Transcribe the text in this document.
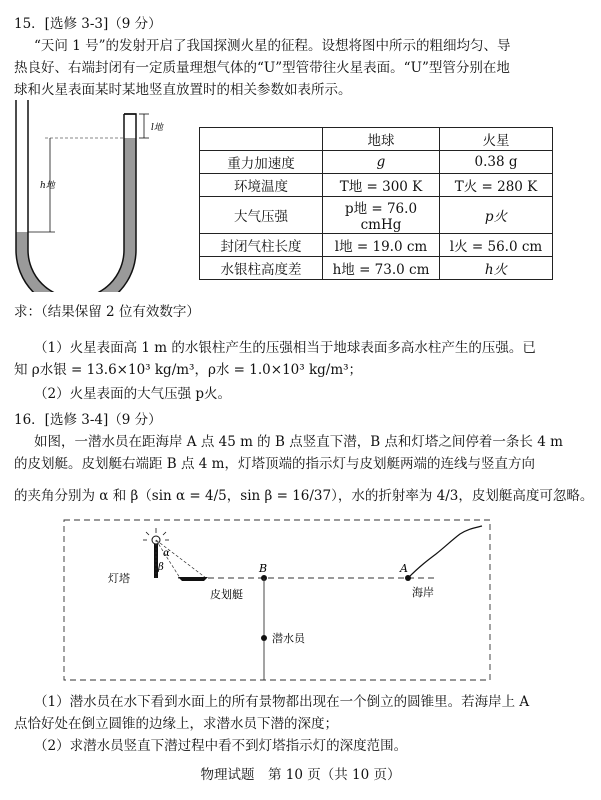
15．[选修 3-3]（9 分）
“天问 1 号”的发射开启了我国探测火星的征程。设想将图中所示的粗细均匀、导
热良好、右端封闭有一定质量理想气体的“U”型管带往火星表面。“U”型管分别在地
球和火星表面某时某地竖直放置时的相关参数如表所示。
l地
h地
	地球	火星
重力加速度	g	0.38 g
环境温度	T地 = 300 K	T火 = 280 K
大气压强	p地 = 76.0 cmHg	p火
封闭气柱长度	l地 = 19.0 cm	l火 = 56.0 cm
水银柱高度差	h地 = 73.0 cm	h火
求：（结果保留 2 位有效数字）
（1）火星表面高 1 m 的水银柱产生的压强相当于地球表面多高水柱产生的压强。已
知 ρ水银 = 13.6×10³ kg/m³，ρ水 = 1.0×10³ kg/m³；
（2）火星表面的大气压强 p火。
16．[选修 3-4]（9 分）
如图，一潜水员在距海岸 A 点 45 m 的 B 点竖直下潜，B 点和灯塔之间停着一条长 4 m
的皮划艇。皮划艇右端距 B 点 4 m，灯塔顶端的指示灯与皮划艇两端的连线与竖直方向
的夹角分别为 α 和 β（sin α = 4/5，sin β = 16/37），水的折射率为 4/3，皮划艇高度可忽略。
α
β
皮划艇
灯塔
B
潜水员
A
海岸
（1）潜水员在水下看到水面上的所有景物都出现在一个倒立的圆锥里。若海岸上 A
点恰好处在倒立圆锥的边缘上，求潜水员下潜的深度；
（2）求潜水员竖直下潜过程中看不到灯塔指示灯的深度范围。
物理试题　第 10 页（共 10 页）
